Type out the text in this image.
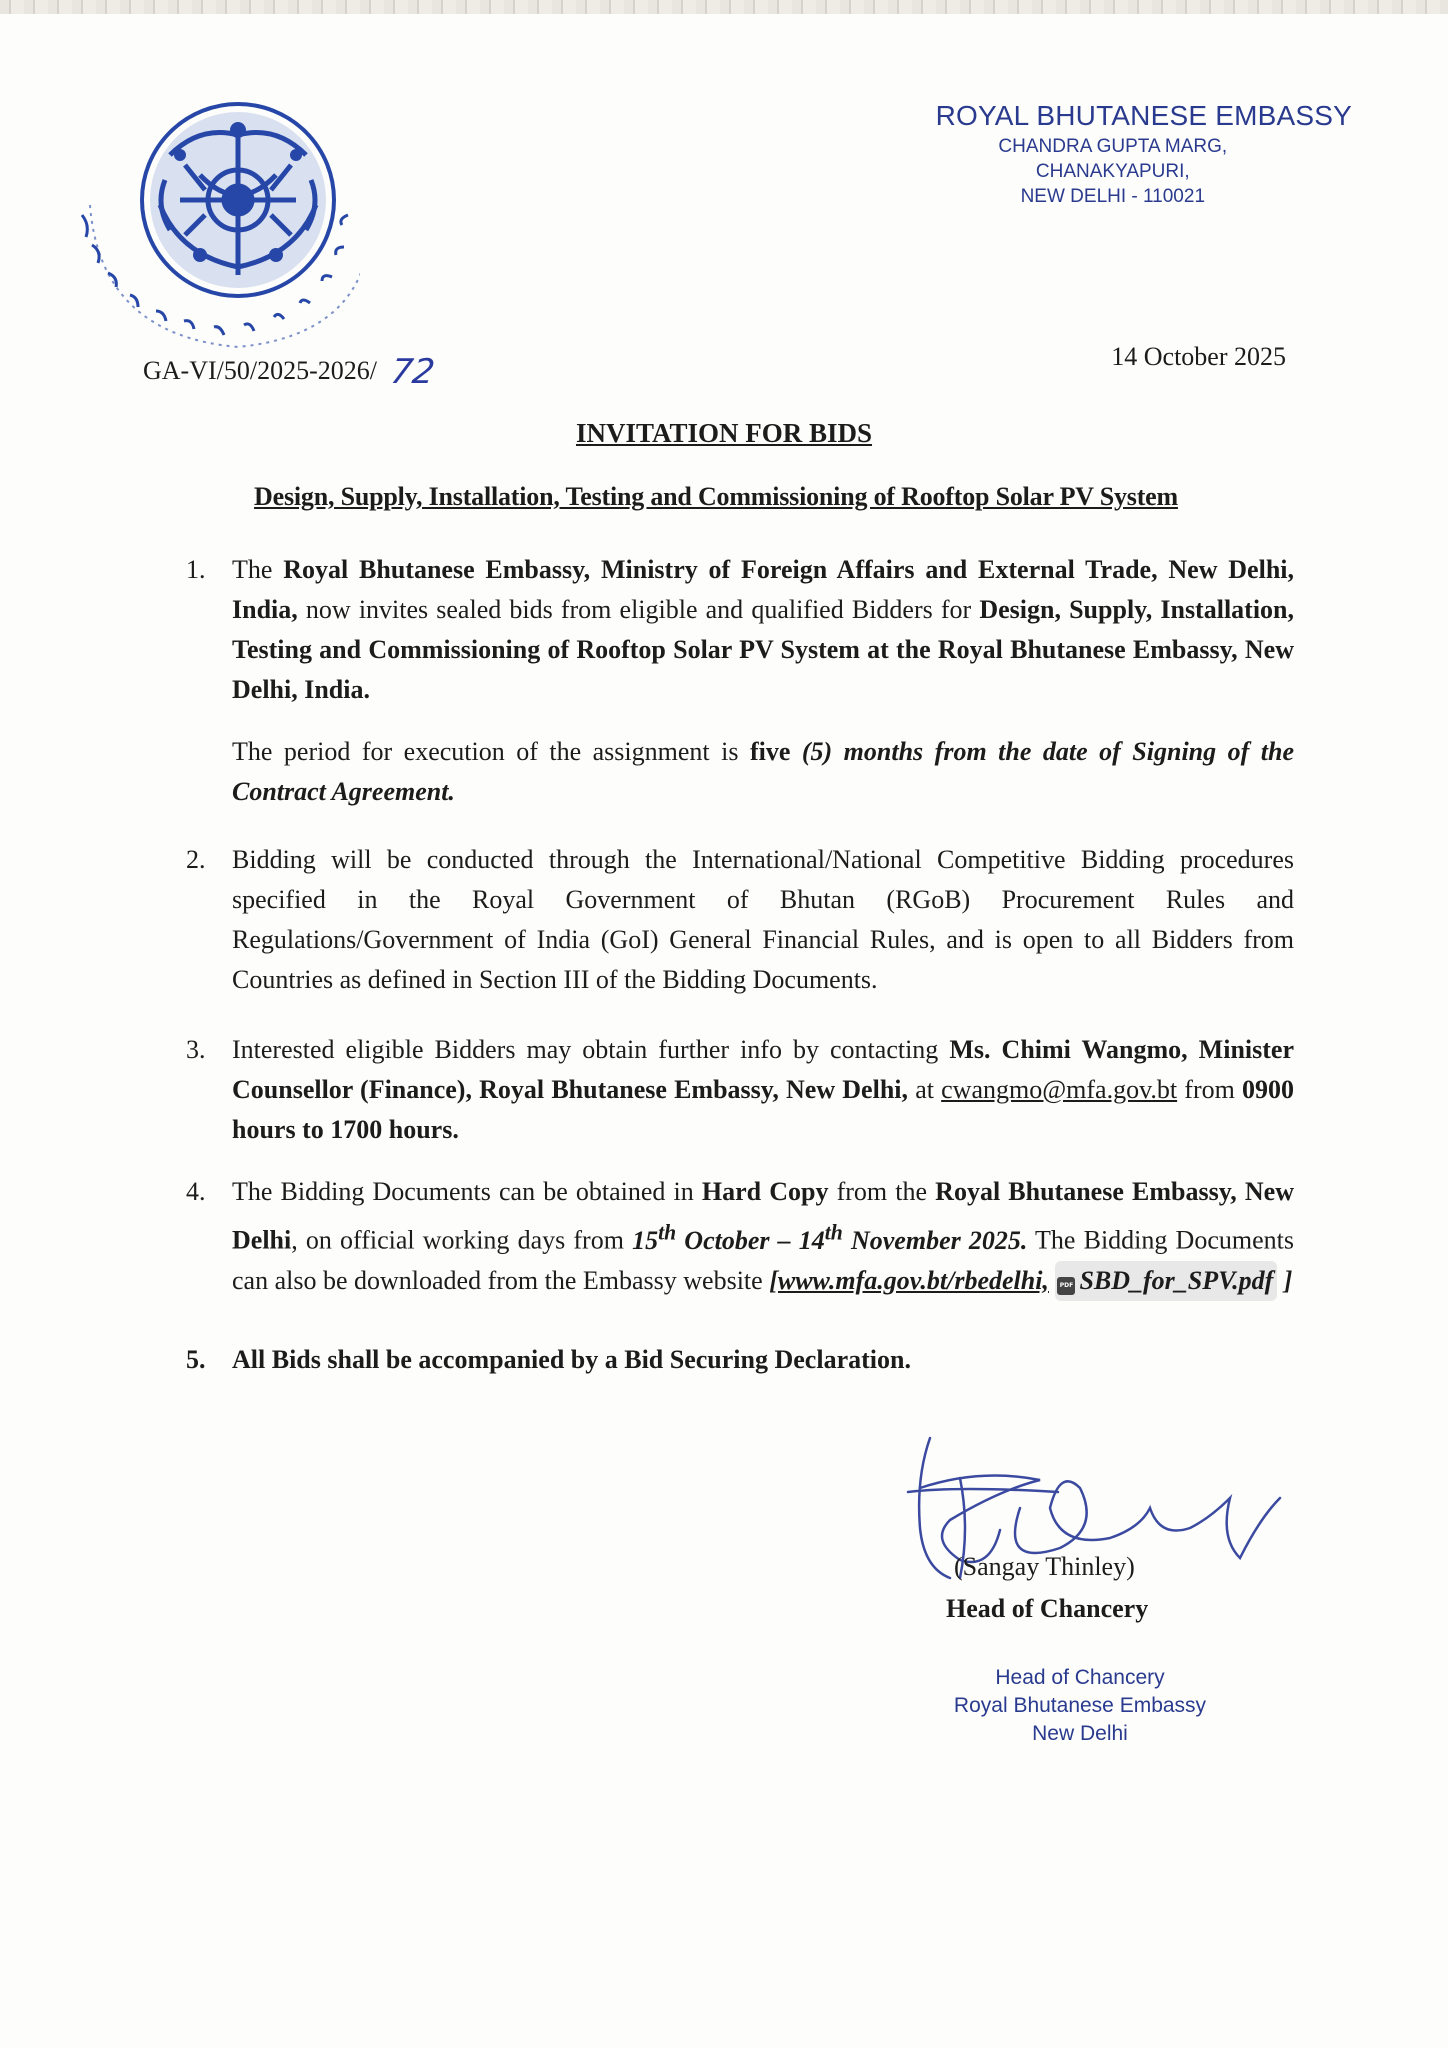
ROYAL BHUTANESE EMBASSY
CHANDRA GUPTA MARG,
CHANAKYAPURI,
NEW DELHI - 110021
GA-VI/50/2025-2026/ 72	14 October 2025
INVITATION FOR BIDS
Design, Supply, Installation, Testing and Commissioning of Rooftop Solar PV System
1.	The Royal Bhutanese Embassy, Ministry of Foreign Affairs and External Trade, New Delhi, India, now invites sealed bids from eligible and qualified Bidders for Design, Supply, Installation, Testing and Commissioning of Rooftop Solar PV System at the Royal Bhutanese Embassy, New Delhi, India.

The period for execution of the assignment is five (5) months from the date of Signing of the Contract Agreement.

2.	Bidding will be conducted through the International/National Competitive Bidding procedures specified in the Royal Government of Bhutan (RGoB) Procurement Rules and Regulations/Government of India (GoI) General Financial Rules, and is open to all Bidders from Countries as defined in Section III of the Bidding Documents.

3.	Interested eligible Bidders may obtain further info by contacting Ms. Chimi Wangmo, Minister Counsellor (Finance), Royal Bhutanese Embassy, New Delhi, at cwangmo@mfa.gov.bt from 0900 hours to 1700 hours.

4.	The Bidding Documents can be obtained in Hard Copy from the Royal Bhutanese Embassy, New Delhi, on official working days from 15th October – 14th November 2025. The Bidding Documents can also be downloaded from the Embassy website [www.mfa.gov.bt/rbedelhi, PDF SBD_for_SPV.pdf ]

5.	All Bids shall be accompanied by a Bid Securing Declaration.

(Sangay Thinley)
Head of Chancery
Head of Chancery
Royal Bhutanese Embassy
New Delhi
